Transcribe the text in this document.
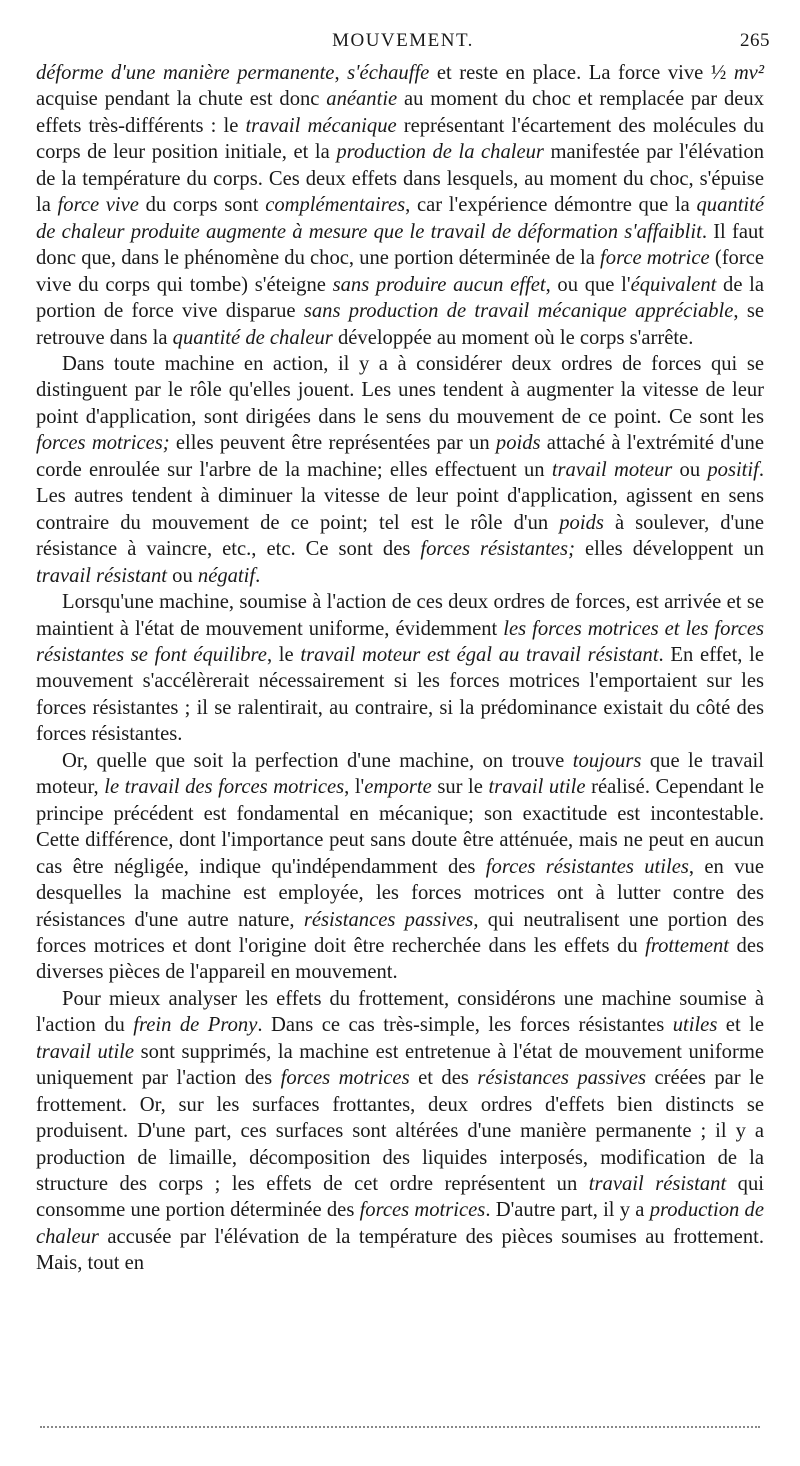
MOUVEMENT.	265

déforme d'une manière permanente, s'échauffe et reste en place. La force vive ½ mv² acquise pendant la chute est donc anéantie au moment du choc et remplacée par deux effets très-différents : le travail mécanique représentant l'écartement des molécules du corps de leur position initiale, et la production de la chaleur manifestée par l'élévation de la température du corps. Ces deux effets dans lesquels, au moment du choc, s'épuise la force vive du corps sont complémentaires, car l'expérience démontre que la quantité de chaleur produite augmente à mesure que le travail de déformation s'affaiblit. Il faut donc que, dans le phénomène du choc, une portion déterminée de la force motrice (force vive du corps qui tombe) s'éteigne sans produire aucun effet, ou que l'équivalent de la portion de force vive disparue sans production de travail mécanique appréciable, se retrouve dans la quantité de chaleur développée au moment où le corps s'arrête.

Dans toute machine en action, il y a à considérer deux ordres de forces qui se distinguent par le rôle qu'elles jouent. Les unes tendent à augmenter la vitesse de leur point d'application, sont dirigées dans le sens du mouvement de ce point. Ce sont les forces motrices; elles peuvent être représentées par un poids attaché à l'extrémité d'une corde enroulée sur l'arbre de la machine; elles effectuent un travail moteur ou positif. Les autres tendent à diminuer la vitesse de leur point d'application, agissent en sens contraire du mouvement de ce point; tel est le rôle d'un poids à soulever, d'une résistance à vaincre, etc., etc. Ce sont des forces résistantes; elles développent un travail résistant ou négatif.

Lorsqu'une machine, soumise à l'action de ces deux ordres de forces, est arrivée et se maintient à l'état de mouvement uniforme, évidemment les forces motrices et les forces résistantes se font équilibre, le travail moteur est égal au travail résistant. En effet, le mouvement s'accélèrerait nécessairement si les forces motrices l'emportaient sur les forces résistantes ; il se ralentirait, au contraire, si la prédominance existait du côté des forces résistantes.

Or, quelle que soit la perfection d'une machine, on trouve toujours que le travail moteur, le travail des forces motrices, l'emporte sur le travail utile réalisé. Cependant le principe précédent est fondamental en mécanique; son exactitude est incontestable. Cette différence, dont l'importance peut sans doute être atténuée, mais ne peut en aucun cas être négligée, indique qu'indépendamment des forces résistantes utiles, en vue desquelles la machine est employée, les forces motrices ont à lutter contre des résistances d'une autre nature, résistances passives, qui neutralisent une portion des forces motrices et dont l'origine doit être recherchée dans les effets du frottement des diverses pièces de l'appareil en mouvement.

Pour mieux analyser les effets du frottement, considérons une machine soumise à l'action du frein de Prony. Dans ce cas très-simple, les forces résistantes utiles et le travail utile sont supprimés, la machine est entretenue à l'état de mouvement uniforme uniquement par l'action des forces motrices et des résistances passives créées par le frottement. Or, sur les surfaces frottantes, deux ordres d'effets bien distincts se produisent. D'une part, ces surfaces sont altérées d'une manière permanente ; il y a production de limaille, décomposition des liquides interposés, modification de la structure des corps ; les effets de cet ordre représentent un travail résistant qui consomme une portion déterminée des forces motrices. D'autre part, il y a production de chaleur accusée par l'élévation de la température des pièces soumises au frottement. Mais, tout en
